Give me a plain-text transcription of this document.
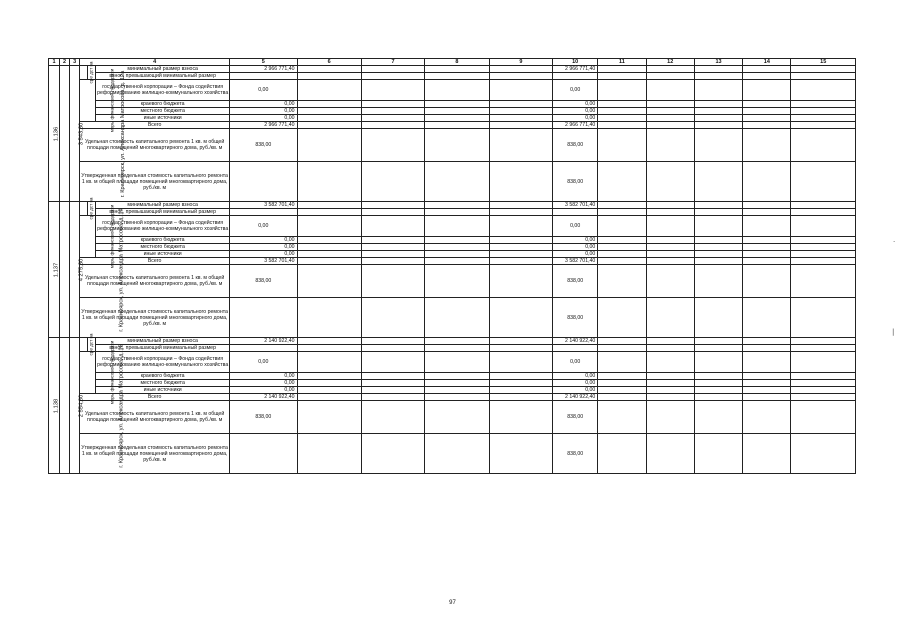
1	2	3	4			5	6	7	8	9	10	11	12	13	14	15
1.136	г. Красноярск, ул. Александра Матросова, д. 12а	3 543,30	сре дст ва		минимальный размер взноса	2 966 771,40					2 966 771,40					
					взнос, превышающий минимальный размер											
			меры финансовой поддержки		государственной корпорации – Фонда содействия реформированию жилищно-коммунального хозяйства	0,00					0,00					
					краевого бюджета	0,00					0,00					
					местного бюджета	0,00					0,00					
					иные источники	0,00					0,00					
			Всего			2 966 771,40					2 966 771,40					
			Удельная стоимость капитального ремонта 1 кв. м общей площади помещений многоквартирного дома, руб./кв. м			838,00					838,00					
			Утвержденная предельная стоимость капитального ремонта 1 кв. м общей площади помещений многоквартирного дома, руб./кв. м								838,00					
1.137	г. Красноярск, ул. Александра Матросова, д. 14	4 275,30	сре дст ва		минимальный размер взноса	3 582 701,40					3 582 701,40					
					взнос, превышающий минимальный размер											
			меры финансовой поддержки		государственной корпорации – Фонда содействия реформированию жилищно-коммунального хозяйства	0,00					0,00					
					краевого бюджета	0,00					0,00					
					местного бюджета	0,00					0,00					
					иные источники	0,00					0,00					
			Всего			3 582 701,40					3 582 701,40					
			Удельная стоимость капитального ремонта 1 кв. м общей площади помещений многоквартирного дома, руб./кв. м			838,00					838,00					
			Утвержденная предельная стоимость капитального ремонта 1 кв. м общей площади помещений многоквартирного дома, руб./кв. м								838,00					
1.138	г. Красноярск, ул. Александра Матросова, д. 16	2 554,80	сре дст ва		минимальный размер взноса	2 140 922,40					2 140 922,40					
					взнос, превышающий минимальный размер											
			меры финансовой поддержки		государственной корпорации – Фонда содействия реформированию жилищно-коммунального хозяйства	0,00					0,00					
					краевого бюджета	0,00					0,00					
					местного бюджета	0,00					0,00					
					иные источники	0,00					0,00					
			Всего			2 140 922,40					2 140 922,40					
			Удельная стоимость капитального ремонта 1 кв. м общей площади помещений многоквартирного дома, руб./кв. м			838,00					838,00					
			Утвержденная предельная стоимость капитального ремонта 1 кв. м общей площади помещений многоквартирного дома, руб./кв. м								838,00					
·
|
97
